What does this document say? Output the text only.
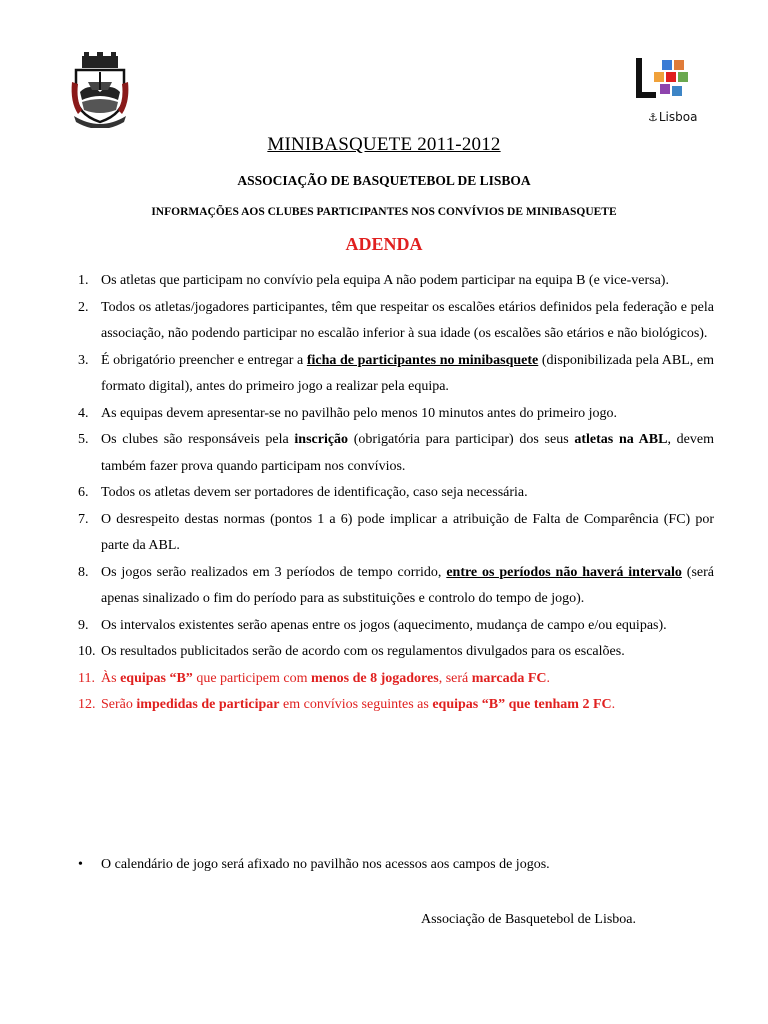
⚓Lisboa
MINIBASQUETE 2011-2012
ASSOCIAÇÃO DE BASQUETEBOL DE LISBOA
INFORMAÇÕES AOS CLUBES PARTICIPANTES NOS CONVÍVIOS DE MINIBASQUETE
ADENDA
1. Os atletas que participam no convívio pela equipa A não podem participar na equipa B (e vice-versa).
2. Todos os atletas/jogadores participantes, têm que respeitar os escalões etários definidos pela federação e pela associação, não podendo participar no escalão inferior à sua idade (os escalões são etários e não biológicos).
3. É obrigatório preencher e entregar a ficha de participantes no minibasquete (disponibilizada pela ABL, em formato digital), antes do primeiro jogo a realizar pela equipa.
4. As equipas devem apresentar-se no pavilhão pelo menos 10 minutos antes do primeiro jogo.
5. Os clubes são responsáveis pela inscrição (obrigatória para participar) dos seus atletas na ABL, devem também fazer prova quando participam nos convívios.
6. Todos os atletas devem ser portadores de identificação, caso seja necessária.
7. O desrespeito destas normas (pontos 1 a 6) pode implicar a atribuição de Falta de Comparência (FC) por parte da ABL.
8. Os jogos serão realizados em 3 períodos de tempo corrido, entre os períodos não haverá intervalo (será apenas sinalizado o fim do período para as substituições e controlo do tempo de jogo).
9. Os intervalos existentes serão apenas entre os jogos (aquecimento, mudança de campo e/ou equipas).
10. Os resultados publicitados serão de acordo com os regulamentos divulgados para os escalões.
11. Às equipas “B” que participem com menos de 8 jogadores, será marcada FC.
12. Serão impedidas de participar em convívios seguintes as equipas “B” que tenham 2 FC.
•	O calendário de jogo será afixado no pavilhão nos acessos aos campos de jogos.
Associação de Basquetebol de Lisboa.
